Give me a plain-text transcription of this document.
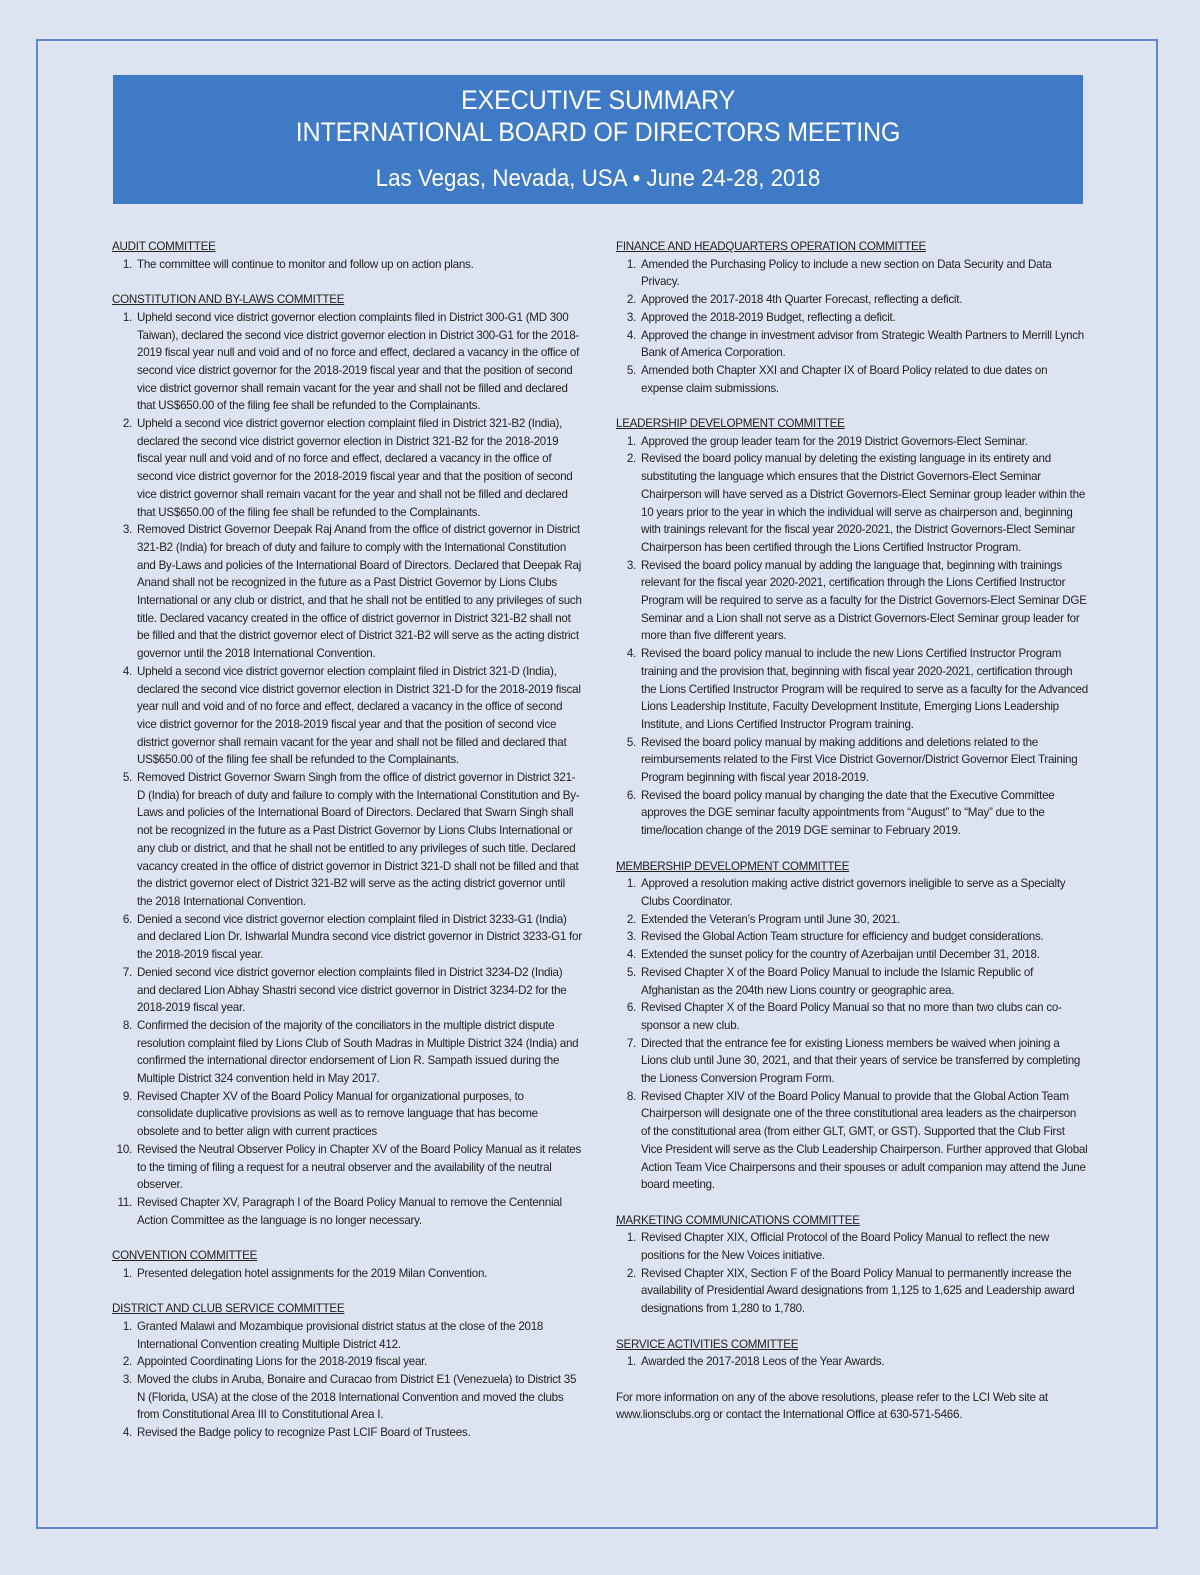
EXECUTIVE SUMMARY
INTERNATIONAL BOARD OF DIRECTORS MEETING
Las Vegas, Nevada, USA • June 24-28, 2018
AUDIT COMMITTEE
1. The committee will continue to monitor and follow up on action plans.
CONSTITUTION AND BY-LAWS COMMITTEE
1. Upheld second vice district governor election complaints filed in District 300-G1 (MD 300 Taiwan), declared the second vice district governor election in District 300-G1 for the 2018-2019 fiscal year null and void and of no force and effect, declared a vacancy in the office of second vice district governor for the 2018-2019 fiscal year and that the position of second vice district governor shall remain vacant for the year and shall not be filled and declared that US$650.00 of the filing fee shall be refunded to the Complainants.
2. Upheld a second vice district governor election complaint filed in District 321-B2 (India), declared the second vice district governor election in District 321-B2 for the 2018-2019 fiscal year null and void and of no force and effect, declared a vacancy in the office of second vice district governor for the 2018-2019 fiscal year and that the position of second vice district governor shall remain vacant for the year and shall not be filled and declared that US$650.00 of the filing fee shall be refunded to the Complainants.
3. Removed District Governor Deepak Raj Anand from the office of district governor in District 321-B2 (India) for breach of duty and failure to comply with the International Constitution and By-Laws and policies of the International Board of Directors. Declared that Deepak Raj Anand shall not be recognized in the future as a Past District Governor by Lions Clubs International or any club or district, and that he shall not be entitled to any privileges of such title. Declared vacancy created in the office of district governor in District 321-B2 shall not be filled and that the district governor elect of District 321-B2 will serve as the acting district governor until the 2018 International Convention.
4. Upheld a second vice district governor election complaint filed in District 321-D (India), declared the second vice district governor election in District 321-D for the 2018-2019 fiscal year null and void and of no force and effect, declared a vacancy in the office of second vice district governor for the 2018-2019 fiscal year and that the position of second vice district governor shall remain vacant for the year and shall not be filled and declared that US$650.00 of the filing fee shall be refunded to the Complainants.
5. Removed District Governor Swarn Singh from the office of district governor in District 321-D (India) for breach of duty and failure to comply with the International Constitution and By-Laws and policies of the International Board of Directors. Declared that Swarn Singh shall not be recognized in the future as a Past District Governor by Lions Clubs International or any club or district, and that he shall not be entitled to any privileges of such title. Declared vacancy created in the office of district governor in District 321-D shall not be filled and that the district governor elect of District 321-B2 will serve as the acting district governor until the 2018 International Convention.
6. Denied a second vice district governor election complaint filed in District 3233-G1 (India) and declared Lion Dr. Ishwarlal Mundra second vice district governor in District 3233-G1 for the 2018-2019 fiscal year.
7. Denied second vice district governor election complaints filed in District 3234-D2 (India) and declared Lion Abhay Shastri second vice district governor in District 3234-D2 for the 2018-2019 fiscal year.
8. Confirmed the decision of the majority of the conciliators in the multiple district dispute resolution complaint filed by Lions Club of South Madras in Multiple District 324 (India) and confirmed the international director endorsement of Lion R. Sampath issued during the Multiple District 324 convention held in May 2017.
9. Revised Chapter XV of the Board Policy Manual for organizational purposes, to consolidate duplicative provisions as well as to remove language that has become obsolete and to better align with current practices
10. Revised the Neutral Observer Policy in Chapter XV of the Board Policy Manual as it relates to the timing of filing a request for a neutral observer and the availability of the neutral observer.
11. Revised Chapter XV, Paragraph I of the Board Policy Manual to remove the Centennial Action Committee as the language is no longer necessary.
CONVENTION COMMITTEE
1. Presented delegation hotel assignments for the 2019 Milan Convention.
DISTRICT AND CLUB SERVICE COMMITTEE
1. Granted Malawi and Mozambique provisional district status at the close of the 2018 International Convention creating Multiple District 412.
2. Appointed Coordinating Lions for the 2018-2019 fiscal year.
3. Moved the clubs in Aruba, Bonaire and Curacao from District E1 (Venezuela) to District 35 N (Florida, USA) at the close of the 2018 International Convention and moved the clubs from Constitutional Area III to Constitutional Area I.
4. Revised the Badge policy to recognize Past LCIF Board of Trustees.
FINANCE AND HEADQUARTERS OPERATION COMMITTEE
1. Amended the Purchasing Policy to include a new section on Data Security and Data Privacy.
2. Approved the 2017-2018 4th Quarter Forecast, reflecting a deficit.
3. Approved the 2018-2019 Budget, reflecting a deficit.
4. Approved the change in investment advisor from Strategic Wealth Partners to Merrill Lynch Bank of America Corporation.
5. Amended both Chapter XXI and Chapter IX of Board Policy related to due dates on expense claim submissions.
LEADERSHIP DEVELOPMENT COMMITTEE
1. Approved the group leader team for the 2019 District Governors-Elect Seminar.
2. Revised the board policy manual by deleting the existing language in its entirety and substituting the language which ensures that the District Governors-Elect Seminar Chairperson will have served as a District Governors-Elect Seminar group leader within the 10 years prior to the year in which the individual will serve as chairperson and, beginning with trainings relevant for the fiscal year 2020-2021, the District Governors-Elect Seminar Chairperson has been certified through the Lions Certified Instructor Program.
3. Revised the board policy manual by adding the language that, beginning with trainings relevant for the fiscal year 2020-2021, certification through the Lions Certified Instructor Program will be required to serve as a faculty for the District Governors-Elect Seminar DGE Seminar and a Lion shall not serve as a District Governors-Elect Seminar group leader for more than five different years.
4. Revised the board policy manual to include the new Lions Certified Instructor Program training and the provision that, beginning with fiscal year 2020-2021, certification through the Lions Certified Instructor Program will be required to serve as a faculty for the Advanced Lions Leadership Institute, Faculty Development Institute, Emerging Lions Leadership Institute, and Lions Certified Instructor Program training.
5. Revised the board policy manual by making additions and deletions related to the reimbursements related to the First Vice District Governor/District Governor Elect Training Program beginning with fiscal year 2018-2019.
6. Revised the board policy manual by changing the date that the Executive Committee approves the DGE seminar faculty appointments from “August” to “May” due to the time/location change of the 2019 DGE seminar to February 2019.
MEMBERSHIP DEVELOPMENT COMMITTEE
1. Approved a resolution making active district governors ineligible to serve as a Specialty Clubs Coordinator.
2. Extended the Veteran’s Program until June 30, 2021.
3. Revised the Global Action Team structure for efficiency and budget considerations.
4. Extended the sunset policy for the country of Azerbaijan until December 31, 2018.
5. Revised Chapter X of the Board Policy Manual to include the Islamic Republic of Afghanistan as the 204th new Lions country or geographic area.
6. Revised Chapter X of the Board Policy Manual so that no more than two clubs can co-sponsor a new club.
7. Directed that the entrance fee for existing Lioness members be waived when joining a Lions club until June 30, 2021, and that their years of service be transferred by completing the Lioness Conversion Program Form.
8. Revised Chapter XIV of the Board Policy Manual to provide that the Global Action Team Chairperson will designate one of the three constitutional area leaders as the chairperson of the constitutional area (from either GLT, GMT, or GST). Supported that the Club First Vice President will serve as the Club Leadership Chairperson. Further approved that Global Action Team Vice Chairpersons and their spouses or adult companion may attend the June board meeting.
MARKETING COMMUNICATIONS COMMITTEE
1. Revised Chapter XIX, Official Protocol of the Board Policy Manual to reflect the new positions for the New Voices initiative.
2. Revised Chapter XIX, Section F of the Board Policy Manual to permanently increase the availability of Presidential Award designations from 1,125 to 1,625 and Leadership award designations from 1,280 to 1,780.
SERVICE ACTIVITIES COMMITTEE
1. Awarded the 2017-2018 Leos of the Year Awards.
For more information on any of the above resolutions, please refer to the LCI Web site at www.lionsclubs.org or contact the International Office at 630-571-5466.
